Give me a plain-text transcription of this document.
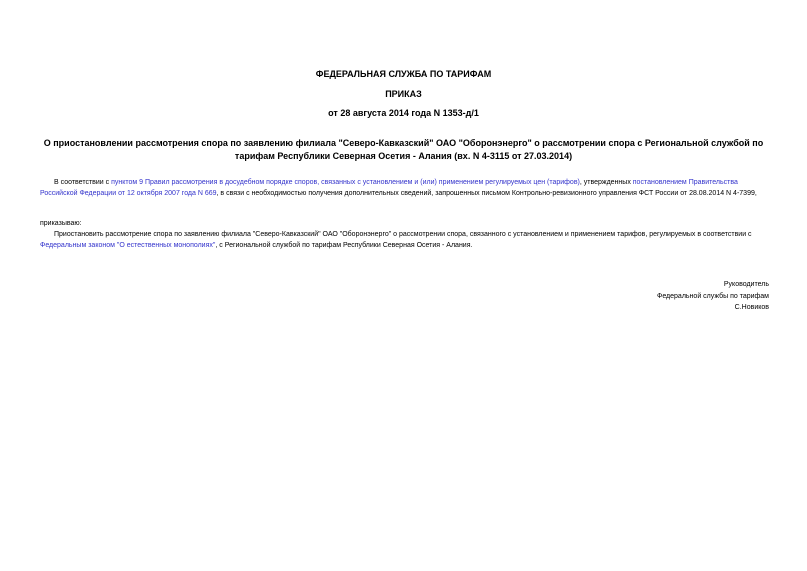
ФЕДЕРАЛЬНАЯ СЛУЖБА ПО ТАРИФАМ
ПРИКАЗ
от 28 августа 2014 года N 1353-д/1
О приостановлении рассмотрения спора по заявлению филиала "Северо-Кавказский" ОАО "Оборонэнерго" о рассмотрении спора с Региональной службой по тарифам Республики Северная Осетия - Алания (вх. N 4-3115 от 27.03.2014)
В соответствии с пунктом 9 Правил рассмотрения в досудебном порядке споров, связанных с установлением и (или) применением регулируемых цен (тарифов), утвержденных постановлением Правительства Российской Федерации от 12 октября 2007 года N 669, в связи с необходимостью получения дополнительных сведений, запрошенных письмом Контрольно-ревизионного управления ФСТ России от 28.08.2014 N 4-7399,
приказываю:
Приостановить рассмотрение спора по заявлению филиала "Северо-Кавказский" ОАО "Оборонэнерго" о рассмотрении спора, связанного с установлением и применением тарифов, регулируемых в соответствии с Федеральным законом "О естественных монополиях", с Региональной службой по тарифам Республики Северная Осетия - Алания.
Руководитель
Федеральной службы по тарифам
С.Новиков
